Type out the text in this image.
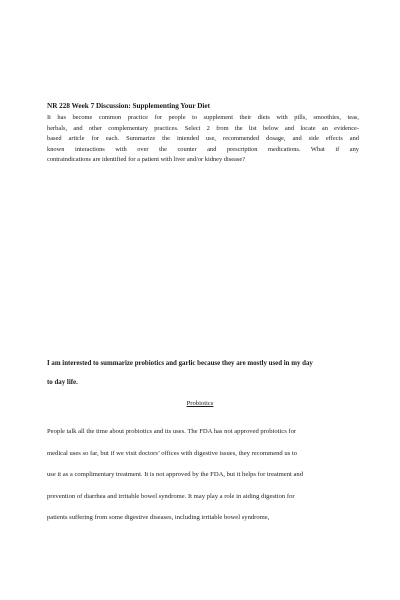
NR 228 Week 7 Discussion: Supplementing Your Diet
It has become common practice for people to supplement their diets with pills, smoothies, teas,
herbals, and other complementary practices. Select 2 from the list below and locate an evidence-
based article for each. Summarize the intended use, recommended dosage, and side effects and
known interactions with over the counter and prescription medications. What if any
contraindications are identified for a patient with liver and/or kidney disease?
I am interested to summarize probiotics and garlic because they are mostly used in my day
to day life.
Probiotics
People talk all the time about probiotics and its uses. The FDA has not approved probiotics for
medical uses so far, but if we visit doctors’ offices with digestive issues, they recommend us to
use it as a complimentary treatment. It is not approved by the FDA, but it helps for treatment and
prevention of diarrhea and irritable bowel syndrome. It may play a role in aiding digestion for
patients suffering from some digestive diseases, including irritable bowel syndrome,
